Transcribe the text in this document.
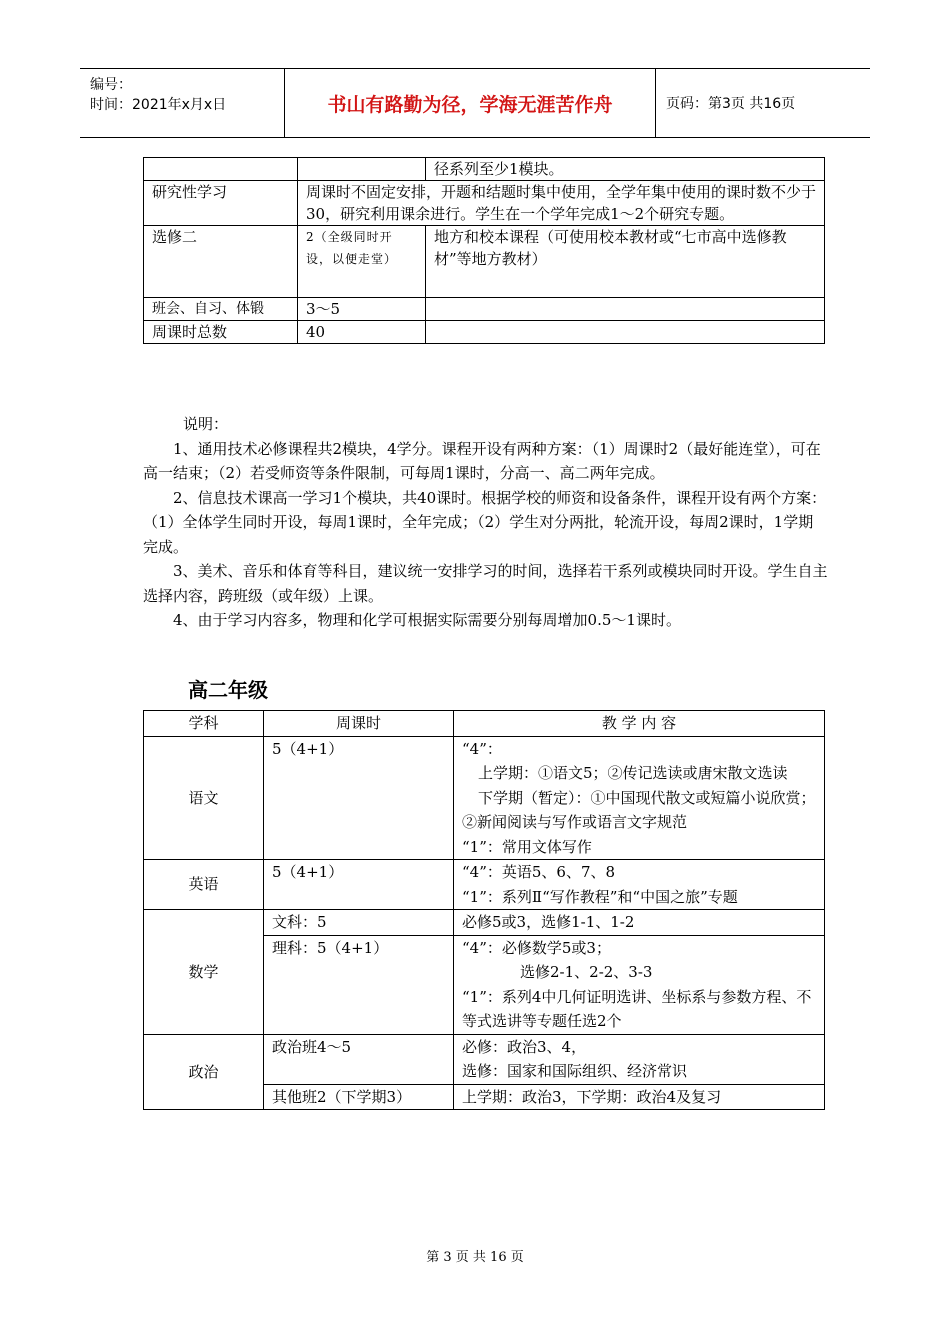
编号：
时间：2021年x月x日	书山有路勤为径，学海无涯苦作舟	页码：第3页 共16页
		径系列至少1模块。
研究性学习	周课时不固定安排，开题和结题时集中使用，全学年集中使用的课时数不少于30，研究利用课余进行。学生在一个学年完成1～2个研究专题。	
选修二	2（全级同时开设，以便走堂）	地方和校本课程（可使用校本教材或“七市高中选修教材”等地方教材）
班会、自习、体锻	3～5	
周课时总数	40	

说明：

1、通用技术必修课程共2模块，4学分。课程开设有两种方案：（1）周课时2（最好能连堂），可在高一结束；（2）若受师资等条件限制，可每周1课时，分高一、高二两年完成。

2、信息技术课高一学习1个模块，共40课时。根据学校的师资和设备条件，课程开设有两个方案：（1）全体学生同时开设，每周1课时，全年完成；（2）学生对分两批，轮流开设，每周2课时，1学期完成。

3、美术、音乐和体育等科目，建议统一安排学习的时间，选择若干系列或模块同时开设。学生自主选择内容，跨班级（或年级）上课。

4、由于学习内容多，物理和化学可根据实际需要分别每周增加0.5～1课时。

高二年级
学科	周课时	教 学 内 容
语文	5（4+1）	“4”：
上学期：①语文5；②传记选读或唐宋散文选读
下学期（暂定）：①中国现代散文或短篇小说欣赏；②新闻阅读与写作或语言文字规范
“1”：常用文体写作

英语	5（4+1）	“4”：英语5、6、7、8
“1”：系列Ⅱ“写作教程”和“中国之旅”专题

数学	文科：5	必修5或3，选修1-1、1-2
	理科：5（4+1）	“4”：必修数学5或3；
选修2-1、2-2、3-3
“1”：系列4中几何证明选讲、坐标系与参数方程、不等式选讲等专题任选2个

政治	政治班4～5	必修：政治3、4，
选修：国家和国际组织、经济常识

	其他班2（下学期3）	上学期：政治3，下学期：政治4及复习
第 3 页 共 16 页
